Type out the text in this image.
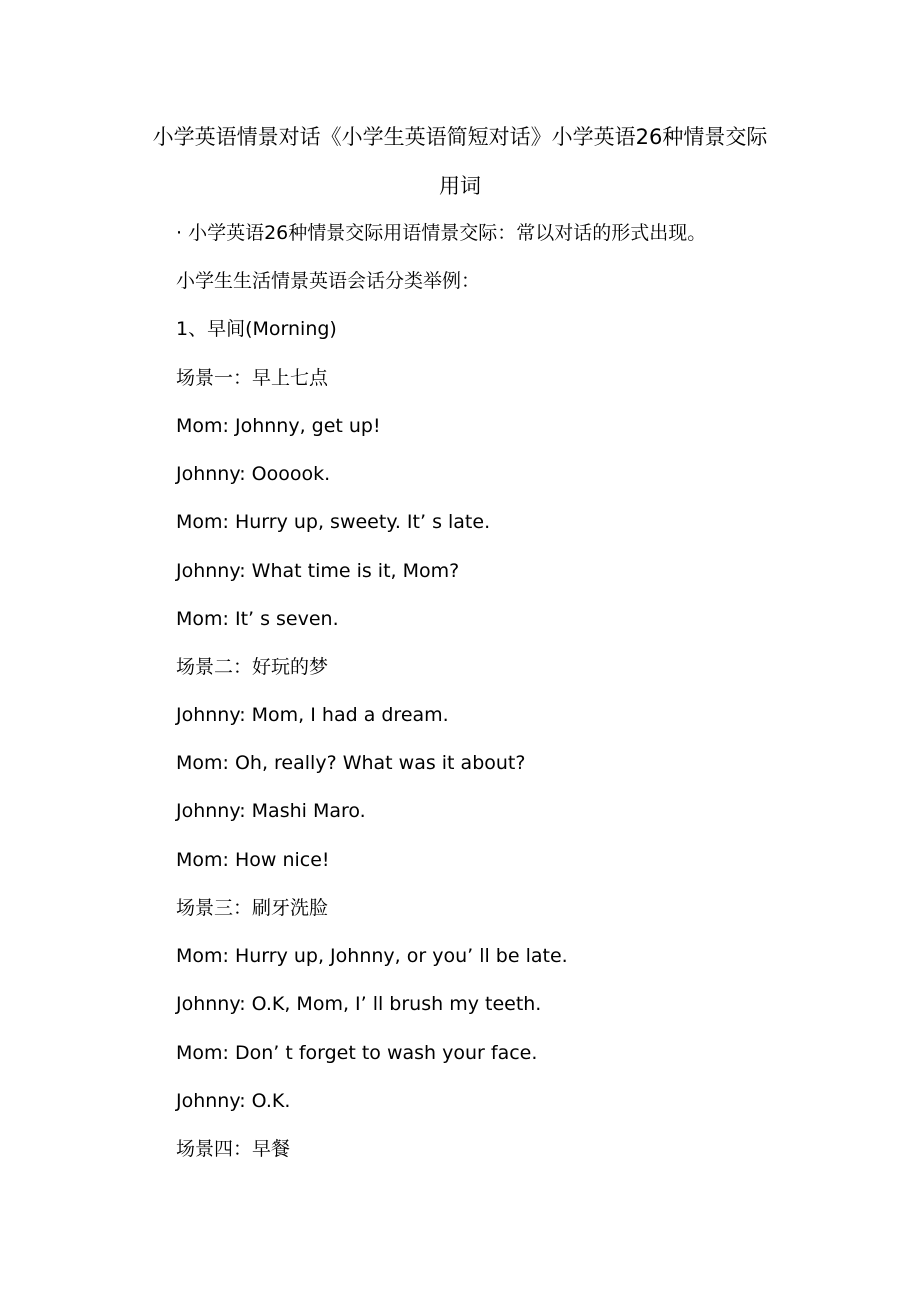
小学英语情景对话《小学生英语简短对话》小学英语26种情景交际
用词

· 小学英语26种情景交际用语情景交际：常以对话的形式出现。

小学生生活情景英语会话分类举例：

1、早间(Morning)

场景一：早上七点

Mom: Johnny, get up!

Johnny: Oooook.

Mom: Hurry up, sweety. It’ s late.

Johnny: What time is it, Mom?

Mom: It’ s seven.

场景二：好玩的梦

Johnny: Mom, I had a dream.

Mom: Oh, really? What was it about?

Johnny: Mashi Maro.

Mom: How nice!

场景三：刷牙洗脸

Mom: Hurry up, Johnny, or you’ ll be late.

Johnny: O.K, Mom, I’ ll brush my teeth.

Mom: Don’ t forget to wash your face.

Johnny: O.K.

场景四：早餐
